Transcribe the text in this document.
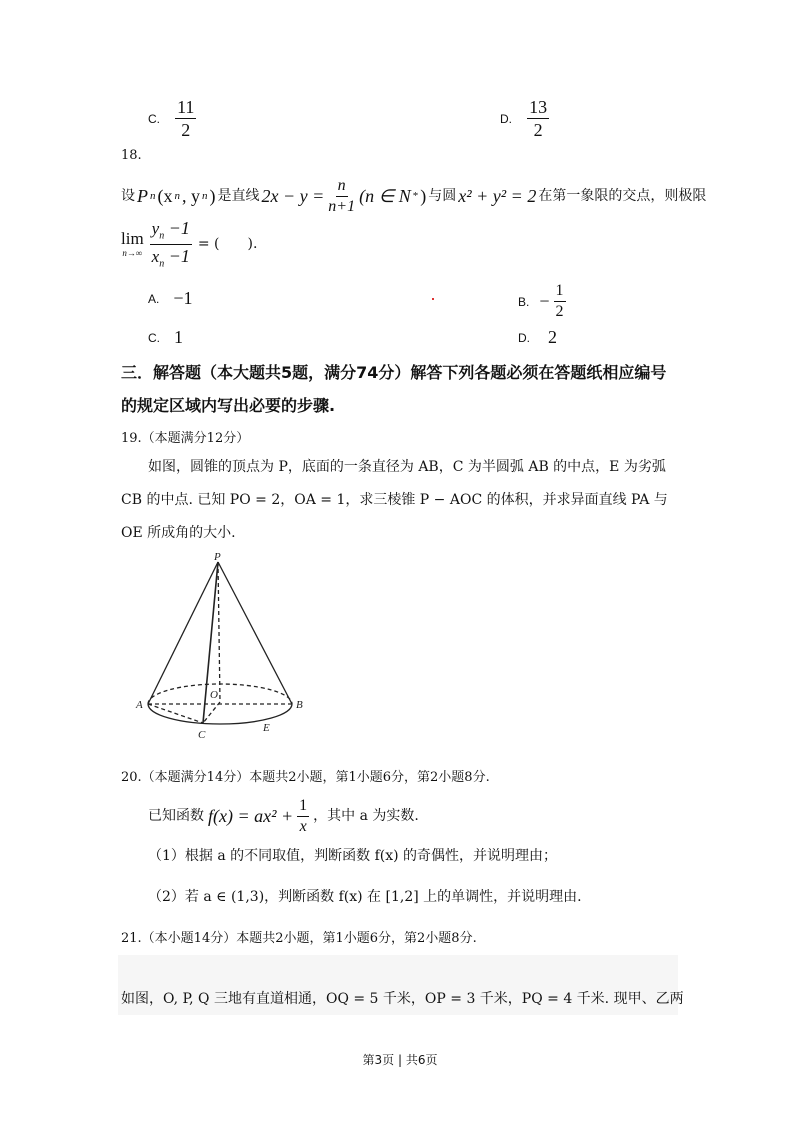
C. $\frac{11}{2}$	D. $\frac{13}{2}$
18.
设 P n (x n , y n ) 是直线 $2x - y = \frac{n}{n+1} (n$ ∈ N * ) 与圆 x² + y² = 2 在第一象限的交点，则极限
lim
$n\to\infty \frac{y_n -1}{x_n -1}$ = (　　).
A. −1	B. − $\frac{1}{2}$
C. 1	D. 2
三．解答题（本大题共5题，满分74分）解答下列各题必须在答题纸相应编号
的规定区域内写出必要的步骤.
19.（本题满分12分）
如图，圆锥的顶点为 P，底面的一条直径为 AB，C 为半圆弧 AB 的中点，E 为劣弧
CB 的中点. 已知 PO = 2，OA = 1，求三棱锥 P − AOC 的体积，并求异面直线 PA 与
OE 所成角的大小.
P
A	B
C
O
E
20.（本题满分14分）本题共2小题，第1小题6分，第2小题8分.
已知函数 $f(x) = ax^2 + \frac{1}{x}$ ，其中 a 为实数.
（1）根据 a 的不同取值，判断函数 f(x) 的奇偶性，并说明理由；
（2）若 a ∈ (1,3)，判断函数 f(x) 在 [1,2] 上的单调性，并说明理由.
21.（本小题14分）本题共2小题，第1小题6分，第2小题8分.
如图，O, P, Q 三地有直道相通，OQ = 5 千米，OP = 3 千米，PQ = 4 千米. 现甲、乙两
第3页 | 共6页
